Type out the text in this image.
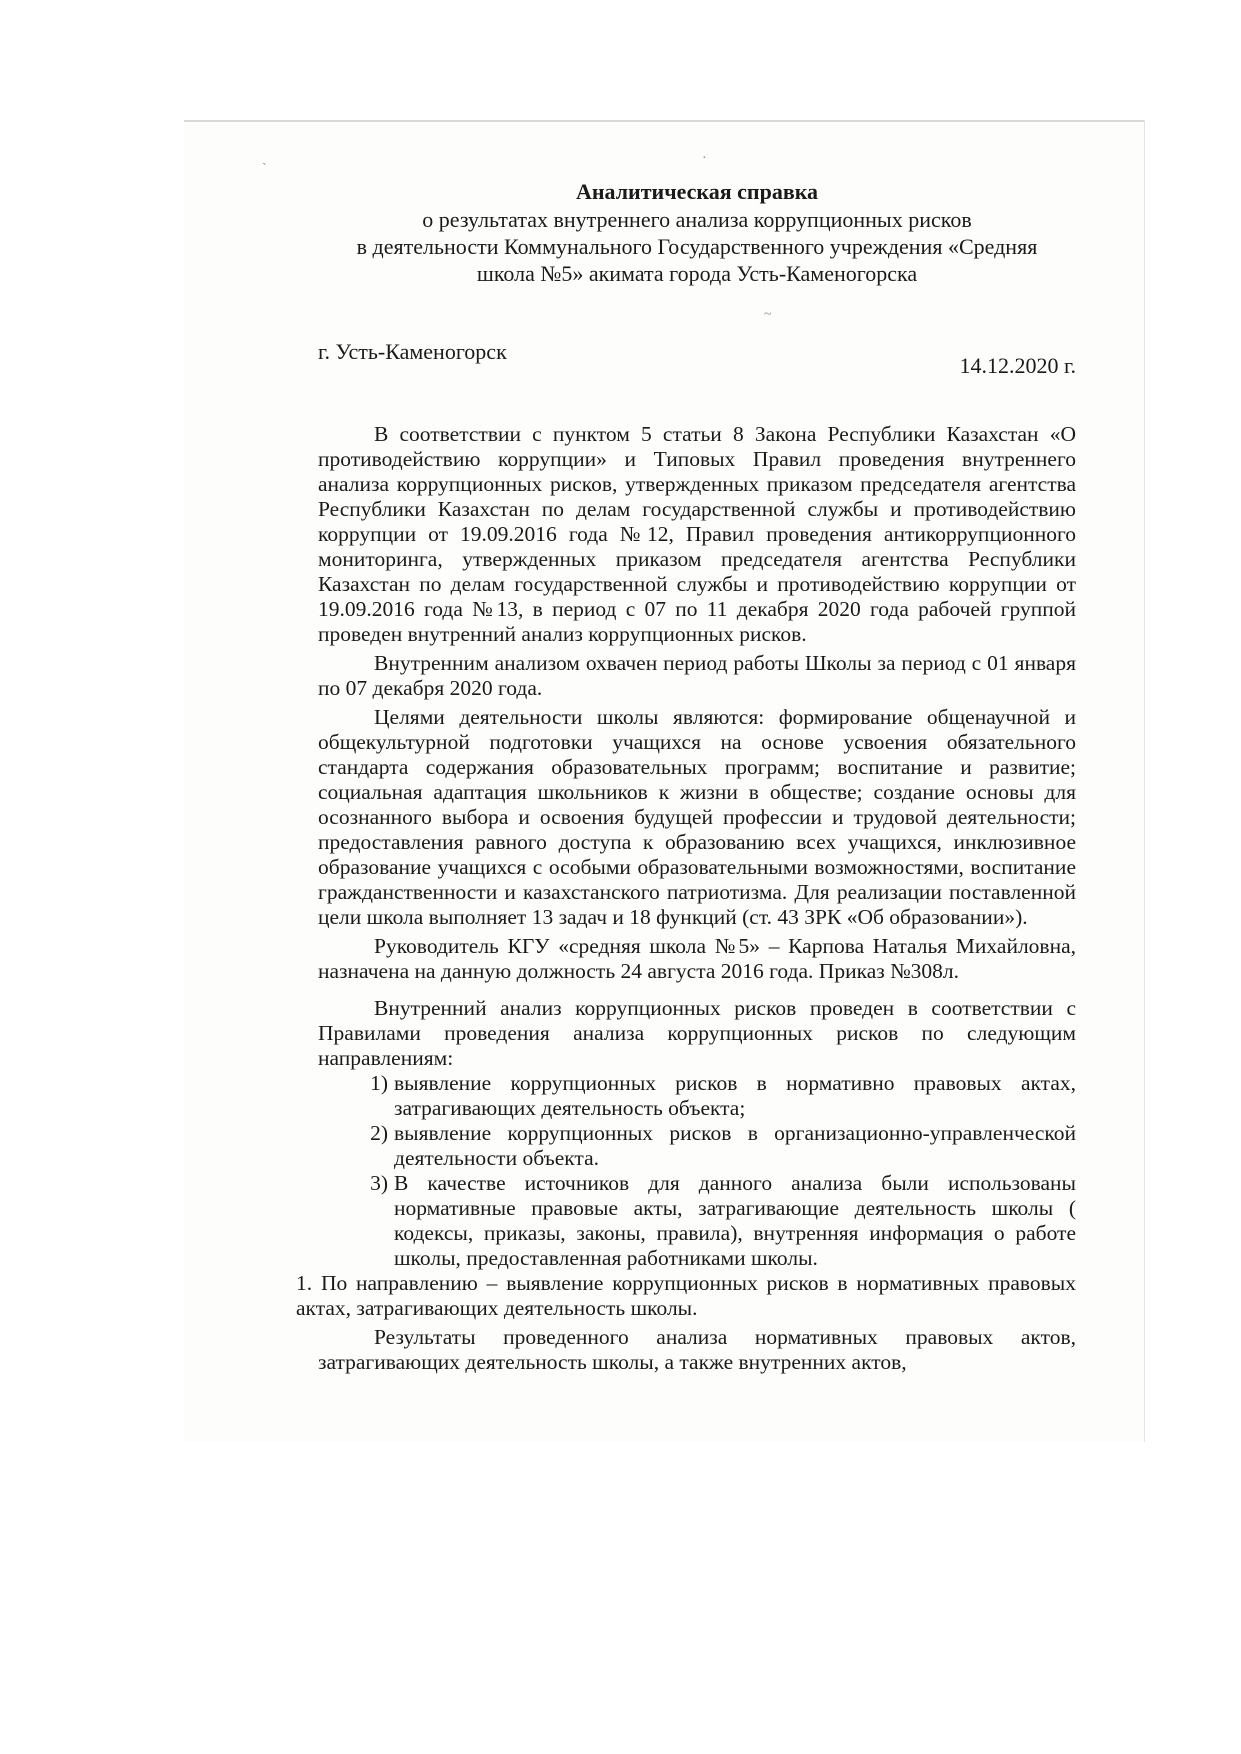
ˏ	·
~

Аналитическая справка

о результатах внутреннего анализа коррупционных рисков

в деятельности Коммунального Государственного учреждения «Средняя

школа №5» акимата города Усть-Каменогорска

г. Усть-Каменогорск
14.12.2020 г.

В соответствии с пунктом 5 статьи 8 Закона Республики Казахстан «О противодействию коррупции» и Типовых Правил проведения внутреннего анализа коррупционных рисков, утвержденных приказом председателя агентства Республики Казахстан по делам государственной службы и противодействию коррупции от 19.09.2016 года №12, Правил проведения антикоррупционного мониторинга, утвержденных приказом председателя агентства Республики Казахстан по делам государственной службы и противодействию коррупции от 19.09.2016 года №13, в период с 07 по 11 декабря 2020 года рабочей группой проведен внутренний анализ коррупционных рисков.

Внутренним анализом охвачен период работы Школы за период с 01 января по 07 декабря 2020 года.

Целями деятельности школы являются: формирование общенаучной и общекультурной подготовки учащихся на основе усвоения обязательного стандарта содержания образовательных программ; воспитание и развитие; социальная адаптация школьников к жизни в обществе; создание основы для осознанного выбора и освоения будущей профессии и трудовой деятельности; предоставления равного доступа к образованию всех учащихся, инклюзивное образование учащихся с особыми образовательными возможностями, воспитание гражданственности и казахстанского патриотизма. Для реализации поставленной цели школа выполняет 13 задач и 18 функций (ст. 43 ЗРК «Об образовании»).

Руководитель КГУ «средняя школа №5» – Карпова Наталья Михайловна, назначена на данную должность 24 августа 2016 года. Приказ №308л.

Внутренний анализ коррупционных рисков проведен в соответствии с Правилами проведения анализа коррупционных рисков по следующим направлениям:

1) выявление коррупционных рисков в нормативно правовых актах, затрагивающих деятельность объекта;
2) выявление коррупционных рисков в организационно-управленческой деятельности объекта.
3) В качестве источников для данного анализа были использованы нормативные правовые акты, затрагивающие деятельность школы ( кодексы, приказы, законы, правила), внутренняя информация о работе школы, предоставленная работниками школы.

1. По направлению – выявление коррупционных рисков в нормативных правовых актах, затрагивающих деятельность школы.

Результаты проведенного анализа нормативных правовых актов, затрагивающих деятельность школы, а также внутренних актов,
